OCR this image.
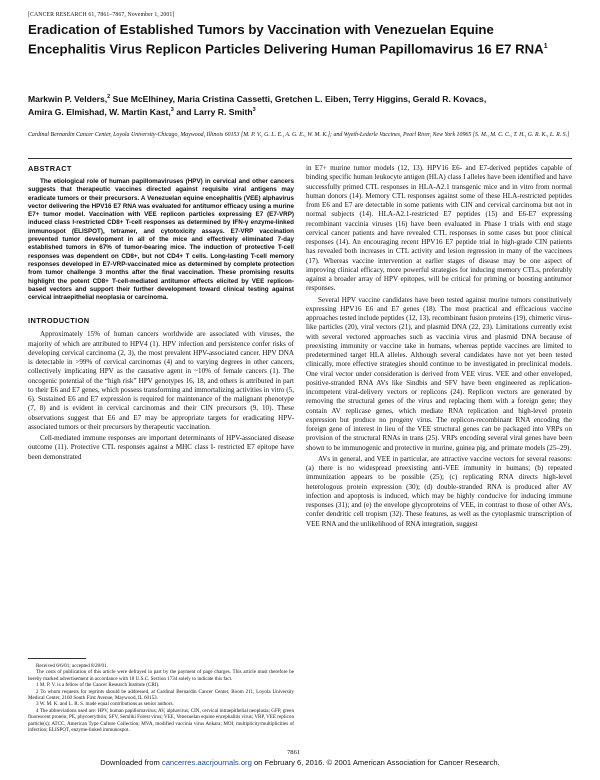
[CANCER RESEARCH 61, 7861–7867, November 1, 2001]
Eradication of Established Tumors by Vaccination with Venezuelan Equine Encephalitis Virus Replicon Particles Delivering Human Papillomavirus 16 E7 RNA$^1$
Markwin P. Velders,$^2$ Sue McElhiney, Maria Cristina Cassetti, Gretchen L. Eiben, Terry Higgins, Gerald R. Kovacs,
Amira G. Elmishad, W. Martin Kast,$^3$ and Larry R. Smith$^3$
Cardinal Bernardin Cancer Center, Loyola University-Chicago, Maywood, Illinois 60153 [M. P. V., G. L. E., A. G. E., W. M. K.]; and Wyeth-Lederle Vaccines, Pearl River, New York 10965 [S. M., M. C. C., T. H., G. R. K., L. R. S.]
ABSTRACT

The etiological role of human papillomaviruses (HPV) in cervical and other cancers suggests that therapeutic vaccines directed against requisite viral antigens may eradicate tumors or their precursors. A Venezuelan equine encephalitis (VEE) alphavirus vector delivering the HPV16 E7 RNA was evaluated for antitumor efficacy using a murine E7+ tumor model. Vaccination with VEE replicon particles expressing E7 (E7-VRP) induced class I-restricted CD8+ T-cell responses as determined by IFN-γ enzyme-linked immunospot (ELISPOT), tetramer, and cytotoxicity assays. E7-VRP vaccination prevented tumor development in all of the mice and effectively eliminated 7-day established tumors in 67% of tumor-bearing mice. The induction of protective T-cell responses was dependent on CD8+, but not CD4+ T cells. Long-lasting T-cell memory responses developed in E7-VRP-vaccinated mice as determined by complete protection from tumor challenge 3 months after the final vaccination. These promising results highlight the potent CD8+ T-cell-mediated antitumor effects elicited by VEE replicon-based vectors and support their further development toward clinical testing against cervical intraepithelial neoplasia or carcinoma.

INTRODUCTION

Approximately 15% of human cancers worldwide are associated with viruses, the majority of which are attributed to HPV4 (1). HPV infection and persistence confer risks of developing cervical carcinoma (2, 3), the most prevalent HPV-associated cancer. HPV DNA is detectable in >99% of cervical carcinomas (4) and to varying degrees in other cancers, collectively implicating HPV as the causative agent in ~10% of female cancers (1). The oncogenic potential of the “high risk” HPV genotypes 16, 18, and others is attributed in part to their E6 and E7 genes, which possess transforming and immortalizing activities in vitro (5, 6). Sustained E6 and E7 expression is required for maintenance of the malignant phenotype (7, 8) and is evident in cervical carcinomas and their CIN precursors (9, 10). These observations suggest that E6 and E7 may be appropriate targets for eradicating HPV-associated tumors or their precursors by therapeutic vaccination.

Cell-mediated immune responses are important determinants of HPV-associated disease outcome (11). Protective CTL responses against a MHC class I- restricted E7 epitope have been demonstrated

Received 6/6/01; accepted 8/28/01.

The costs of publication of this article were defrayed in part by the payment of page charges. This article must therefore be hereby marked advertisement in accordance with 18 U.S.C. Section 1734 solely to indicate this fact.

1 M. P. V. is a fellow of the Cancer Research Institute (CRI).

2 To whom requests for reprints should be addressed, at Cardinal Bernardin Cancer Center, Room 211, Loyola University Medical Center, 2160 South First Avenue, Maywood, IL 60153.

3 W. M. K. and L. R. S. made equal contributions as senior authors.

4 The abbreviations used are: HPV, human papillomavirus; AV, alphavirus; CIN, cervical intraepithelial neoplasia; GFP, green fluorescent protein; PE, phycoerythrin; SFV, Semliki Forest virus; VEE, Venezuelan equine encephalitis virus; VRP, VEE replicon particle(s); ATCC, American Type Culture Collection; MVA, modified vaccinia virus Ankara; MOI, multiplicity/multiplicities of infection; ELISPOT, enzyme-linked immunospot.

in E7+ murine tumor models (12, 13). HPV16 E6- and E7-derived peptides capable of binding specific human leukocyte antigen (HLA) class I alleles have been identified and have successfully primed CTL responses in HLA-A2.1 transgenic mice and in vitro from normal human donors (14). Memory CTL responses against some of these HLA-restricted peptides from E6 and E7 are detectable in some patients with CIN and cervical carcinoma but not in normal subjects (14). HLA-A2.1-restricted E7 peptides (15) and E6-E7 expressing recombinant vaccinia viruses (16) have been evaluated in Phase I trials with end stage cervical cancer patients and have revealed CTL responses in some cases but poor clinical responses (14). An encouraging recent HPV16 E7 peptide trial in high-grade CIN patients has revealed both increases in CTL activity and lesion regression in many of the vaccinees (17). Whereas vaccine intervention at earlier stages of disease may be one aspect of improving clinical efficacy, more powerful strategies for inducing memory CTLs, preferably against a broader array of HPV epitopes, will be critical for priming or boosting antitumor responses.

Several HPV vaccine candidates have been tested against murine tumors constitutively expressing HPV16 E6 and E7 genes (18). The most practical and efficacious vaccine approaches tested include peptides (12, 13), recombinant fusion proteins (19), chimeric virus-like particles (20), viral vectors (21), and plasmid DNA (22, 23). Limitations currently exist with several vectored approaches such as vaccinia virus and plasmid DNA because of preexisting immunity or vaccine take in humans, whereas peptide vaccines are limited to predetermined target HLA alleles. Although several candidates have not yet been tested clinically, more effective strategies should continue to be investigated in preclinical models. One viral vector under consideration is derived from VEE virus. VEE and other enveloped, positive-stranded RNA AVs like Sindbis and SFV have been engineered as replication-incompetent viral-delivery vectors or replicons (24). Replicon vectors are generated by removing the structural genes of the virus and replacing them with a foreign gene; they contain AV replicase genes, which mediate RNA replication and high-level protein expression but produce no progeny virus. The replicon-recombinant RNA encoding the foreign gene of interest in lieu of the VEE structural genes can be packaged into VRPs on provision of the structural RNAs in trans (25). VRPs encoding several viral genes have been shown to be immunogenic and protective in murine, guinea pig, and primate models (25–29).

AVs in general, and VEE in particular, are attractive vaccine vectors for several reasons: (a) there is no widespread preexisting anti-VEE immunity in humans; (b) repeated immunization appears to be possible (25); (c) replicating RNA directs high-level heterologous protein expression (30); (d) double-stranded RNA is produced after AV infection and apoptosis is induced, which may be highly conducive for inducing immune responses (31); and (e) the envelope glycoproteins of VEE, in contrast to those of other AVs, confer dendritic cell tropism (32). These features, as well as the cytoplasmic transcription of VEE RNA and the unlikelihood of RNA integration, suggest

7861
Downloaded from cancerres.aacrjournals.org on February 6, 2016. © 2001 American Association for Cancer Research.
